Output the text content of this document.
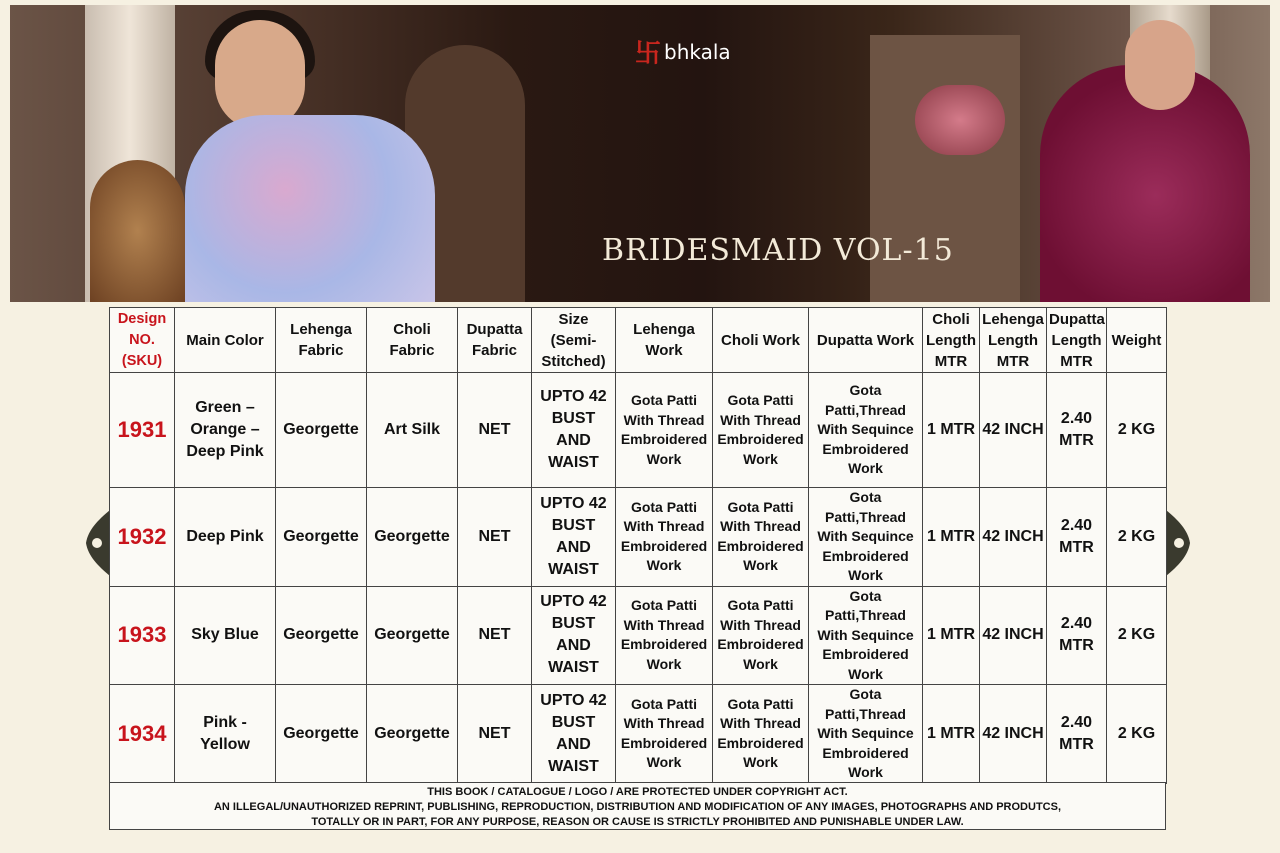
卐 bhkala
BRIDESMAID VOL-15
Design NO. (SKU)	Main Color	Lehenga Fabric	Choli Fabric	Dupatta Fabric	Size (Semi-Stitched)	Lehenga Work	Choli Work	Dupatta Work	Choli Length MTR	Lehenga Length MTR	Dupatta Length MTR	Weight
1931	Green – Orange – Deep Pink	Georgette	Art Silk	NET	UPTO 42 BUST AND WAIST	Gota Patti With Thread Embroidered Work	Gota Patti With Thread Embroidered Work	Gota Patti,Thread With Sequince Embroidered Work	1 MTR	42 INCH	2.40 MTR	2 KG
1932	Deep Pink	Georgette	Georgette	NET	UPTO 42 BUST AND WAIST	Gota Patti With Thread Embroidered Work	Gota Patti With Thread Embroidered Work	Gota Patti,Thread With Sequince Embroidered Work	1 MTR	42 INCH	2.40 MTR	2 KG
1933	Sky Blue	Georgette	Georgette	NET	UPTO 42 BUST AND WAIST	Gota Patti With Thread Embroidered Work	Gota Patti With Thread Embroidered Work	Gota Patti,Thread With Sequince Embroidered Work	1 MTR	42 INCH	2.40 MTR	2 KG
1934	Pink - Yellow	Georgette	Georgette	NET	UPTO 42 BUST AND WAIST	Gota Patti With Thread Embroidered Work	Gota Patti With Thread Embroidered Work	Gota Patti,Thread With Sequince Embroidered Work	1 MTR	42 INCH	2.40 MTR	2 KG
THIS BOOK / CATALOGUE / LOGO / ARE PROTECTED UNDER COPYRIGHT ACT.
AN ILLEGAL/UNAUTHORIZED REPRINT, PUBLISHING, REPRODUCTION, DISTRIBUTION AND MODIFICATION OF ANY IMAGES, PHOTOGRAPHS AND PRODUTCS,
TOTALLY OR IN PART, FOR ANY PURPOSE, REASON OR CAUSE IS STRICTLY PROHIBITED AND PUNISHABLE UNDER LAW.
